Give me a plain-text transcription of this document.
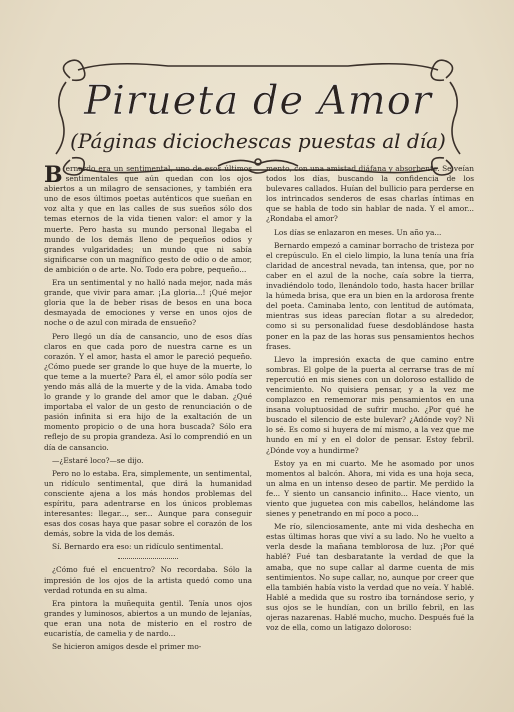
Pirueta de Amor
(Páginas diciochescas puestas al día)

Bernardo era un sentimental, uno de esos últimos sentimentales que aún quedan con los ojos abiertos a un milagro de sensaciones, y también era uno de esos últimos poetas auténticos que sueñan en voz alta y que en las calles de sus sueños sólo dos temas eternos de la vida tienen valor: el amor y la muerte. Pero hasta su mundo personal llegaba el mundo de los demás lleno de pequeños odios y grandes vulgaridades; un mundo que ni sabía significarse con un magnífico gesto de odio o de amor, de ambición o de arte. No. Todo era pobre, pequeño...

Era un sentimental y no halló nada mejor, nada más grande, que vivir para amar. ¡La gloria...! ¡Qué mejor gloria que la de beber risas de besos en una boca desmayada de emociones y verse en unos ojos de noche o de azul con mirada de ensueño?

Pero llegó un día de cansancio, uno de esos días claros en que cada poro de nuestra carne es un corazón. Y el amor, hasta el amor le pareció pequeño. ¿Cómo puede ser grande lo que huye de la muerte, lo que teme a la muerte? Para él, el amor sólo podía ser yendo más allá de la muerte y de la vida. Amaba todo lo grande y lo grande del amor que le daban. ¿Qué importaba el valor de un gesto de renunciación o de pasión infinita si era hijo de la exaltación de un momento propicio o de una hora buscada? Sólo era reflejo de su propia grandeza. Así lo comprendió en un día de cansancio.

—¿Estaré loco?—se dijo.

Pero no lo estaba. Era, simplemente, un sentimental, un ridículo sentimental, que dirá la humanidad consciente ajena a los más hondos problemas del espíritu, para adentrarse en los únicos problemas interesantes: llegar..., ser... Aunque para conseguir esas dos cosas haya que pasar sobre el corazón de los demás, sobre la vida de los demás.

Sí. Bernardo era eso: un ridículo sentimental.

¿Cómo fué el encuentro? No recordaba. Sólo la impresión de los ojos de la artista quedó como una verdad rotunda en su alma.

Era pintora la muñequita gentil. Tenía unos ojos grandes y luminosos, abiertos a un mundo de lejanías, que eran una nota de misterio en el rostro de eucaristía, de camelia y de nardo...

Se hicieron amigos desde el primer mo-

mento, con una amistad diáfana y absorbente. Se veían todos los días, buscando la confidencia de los bulevares callados. Huían del bullicio para perderse en los intrincados senderos de esas charlas íntimas en que se habla de todo sin hablar de nada. Y el amor... ¿Rondaba el amor?

Los días se enlazaron en meses. Un año ya...

Bernardo empezó a caminar borracho de tristeza por el crepúsculo. En el cielo limpio, la luna tenía una fría claridad de ancestral nevada, tan intensa, que, por no caber en el azul de la noche, caía sobre la tierra, invadiéndolo todo, llenándolo todo, hasta hacer brillar la húmeda brisa, que era un bien en la ardorosa frente del poeta. Caminaba lento, con lentitud de autómata, mientras sus ideas parecían flotar a su alrededor, como si su personalidad fuese desdoblándose hasta poner en la paz de las horas sus pensamientos hechos frases.

Llevo la impresión exacta de que camino entre sombras. El golpe de la puerta al cerrarse tras de mí repercutió en mis sienes con un doloroso estallido de vencimiento. No quisiera pensar, y a la vez me complazco en rememorar mis pensamientos en una insana voluptuosidad de sufrir mucho. ¿Por qué he buscado el silencio de este bulevar? ¿Adónde voy? Ni lo sé. Es como si huyera de mí mismo, a la vez que me hundo en mí y en el dolor de pensar. Estoy febril. ¿Dónde voy a hundirme?

Estoy ya en mi cuarto. Me he asomado por unos momentos al balcón. Ahora, mi vida es una hoja seca, un alma en un intenso deseo de partir. Me perdido la fe... Y siento un cansancio infinito... Hace viento, un viento que juguetea con mis cabellos, helándome las sienes y penetrando en mí poco a poco...

Me río, silenciosamente, ante mi vida deshecha en estas últimas horas que viví a su lado. No he vuelto a verla desde la mañana temblorosa de luz. ¡Por qué hablé? Fué tan desbaratante la verdad de que la amaba, que no supe callar al darme cuenta de mis sentimientos. No supe callar, no, aunque por creer que ella también había visto la verdad que no veía. Y hablé. Hablé a medida que su rostro iba tornándose serio, y sus ojos se le hundían, con un brillo febril, en las ojeras nazarenas. Hablé mucho, mucho. Después fué la voz de ella, como un latigazo doloroso:
